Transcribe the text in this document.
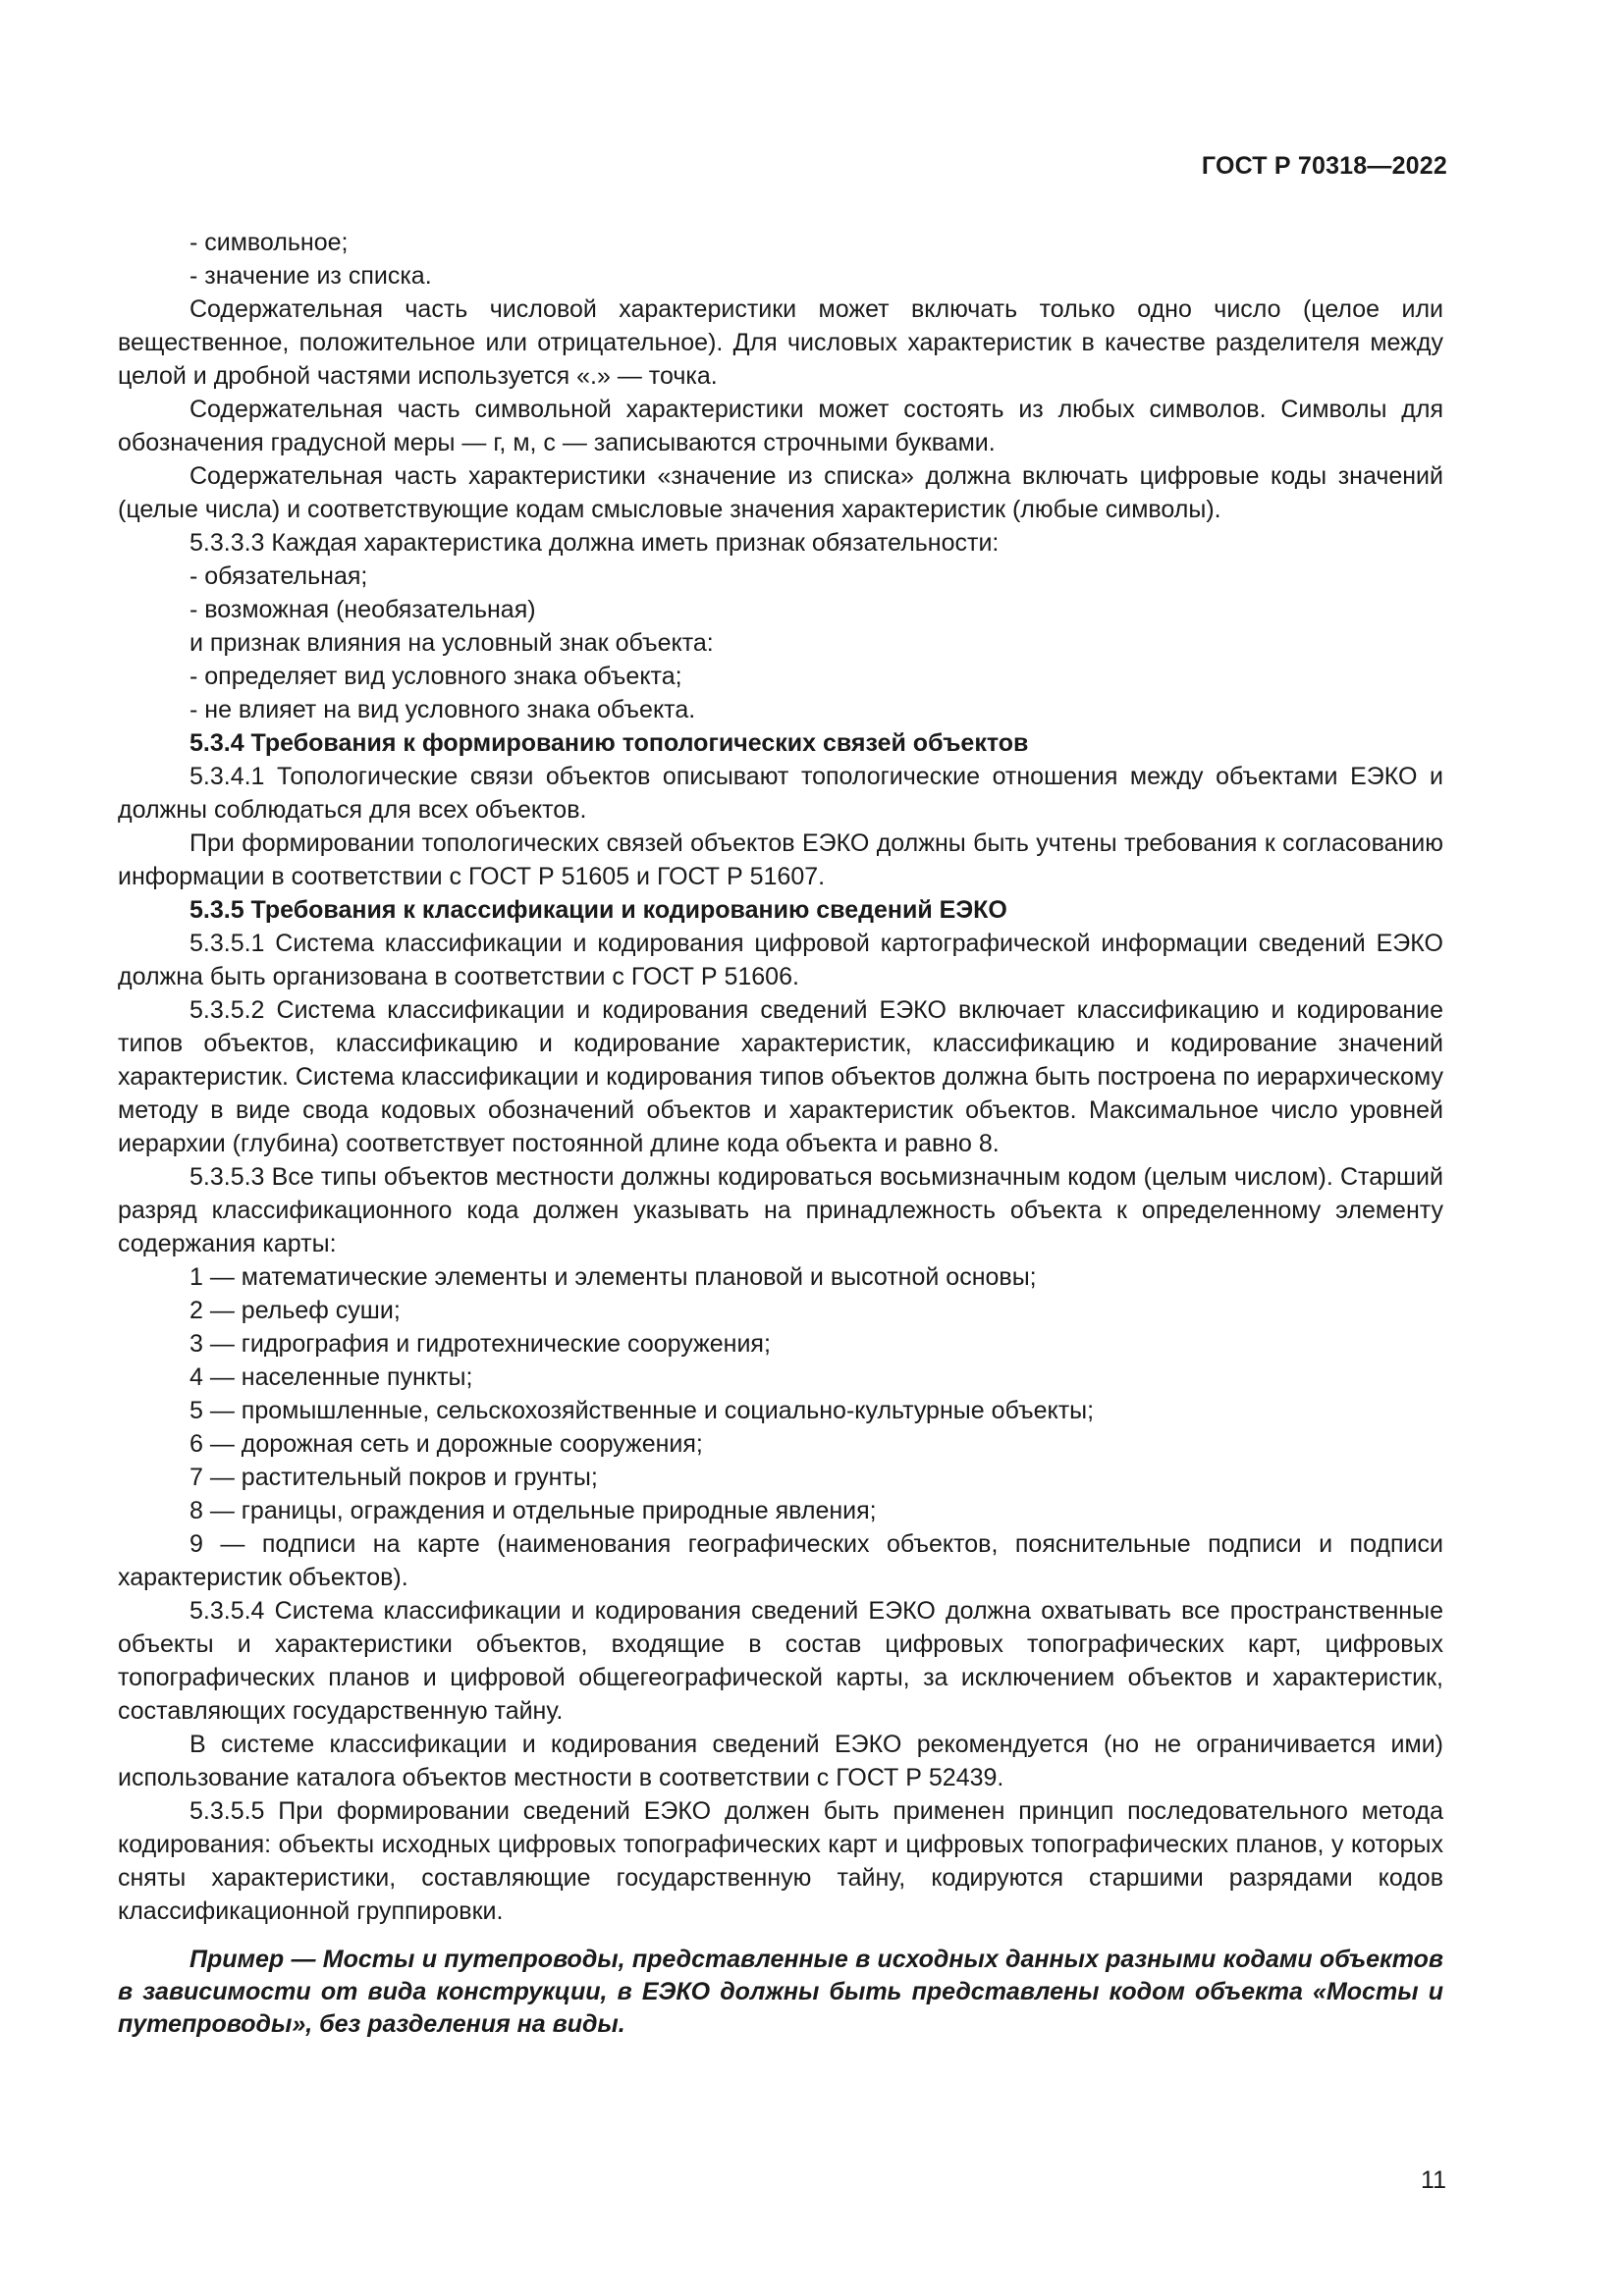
ГОСТ Р 70318—2022

- символьное;

- значение из списка.

Содержательная часть числовой характеристики может включать только одно число (целое или вещественное, положительное или отрицательное). Для числовых характеристик в качестве разделителя между целой и дробной частями используется «.» — точка.

Содержательная часть символьной характеристики может состоять из любых символов. Символы для обозначения градусной меры — г, м, с — записываются строчными буквами.

Содержательная часть характеристики «значение из списка» должна включать цифровые коды значений (целые числа) и соответствующие кодам смысловые значения характеристик (любые символы).

5.3.3.3 Каждая характеристика должна иметь признак обязательности:

- обязательная;

- возможная (необязательная)

и признак влияния на условный знак объекта:

- определяет вид условного знака объекта;

- не влияет на вид условного знака объекта.

5.3.4 Требования к формированию топологических связей объектов

5.3.4.1 Топологические связи объектов описывают топологические отношения между объектами ЕЭКО и должны соблюдаться для всех объектов.

При формировании топологических связей объектов ЕЭКО должны быть учтены требования к согласованию информации в соответствии с ГОСТ Р 51605 и ГОСТ Р 51607.

5.3.5 Требования к классификации и кодированию сведений ЕЭКО

5.3.5.1 Система классификации и кодирования цифровой картографической информации сведений ЕЭКО должна быть организована в соответствии с ГОСТ Р 51606.

5.3.5.2 Система классификации и кодирования сведений ЕЭКО включает классификацию и кодирование типов объектов, классификацию и кодирование характеристик, классификацию и кодирование значений характеристик. Система классификации и кодирования типов объектов должна быть построена по иерархическому методу в виде свода кодовых обозначений объектов и характеристик объектов. Максимальное число уровней иерархии (глубина) соответствует постоянной длине кода объекта и равно 8.

5.3.5.3 Все типы объектов местности должны кодироваться восьмизначным кодом (целым числом). Старший разряд классификационного кода должен указывать на принадлежность объекта к определенному элементу содержания карты:

1 — математические элементы и элементы плановой и высотной основы;

2 — рельеф суши;

3 — гидрография и гидротехнические сооружения;

4 — населенные пункты;

5 — промышленные, сельскохозяйственные и социально-культурные объекты;

6 — дорожная сеть и дорожные сооружения;

7 — растительный покров и грунты;

8 — границы, ограждения и отдельные природные явления;

9 — подписи на карте (наименования географических объектов, пояснительные подписи и подписи характеристик объектов).

5.3.5.4 Система классификации и кодирования сведений ЕЭКО должна охватывать все пространственные объекты и характеристики объектов, входящие в состав цифровых топографических карт, цифровых топографических планов и цифровой общегеографической карты, за исключением объектов и характеристик, составляющих государственную тайну.

В системе классификации и кодирования сведений ЕЭКО рекомендуется (но не ограничивается ими) использование каталога объектов местности в соответствии с ГОСТ Р 52439.

5.3.5.5 При формировании сведений ЕЭКО должен быть применен принцип последовательного метода кодирования: объекты исходных цифровых топографических карт и цифровых топографических планов, у которых сняты характеристики, составляющие государственную тайну, кодируются старшими разрядами кодов классификационной группировки.

Пример — Мосты и путепроводы, представленные в исходных данных разными кодами объектов в зависимости от вида конструкции, в ЕЭКО должны быть представлены кодом объекта «Мосты и путепроводы», без разделения на виды.

11
